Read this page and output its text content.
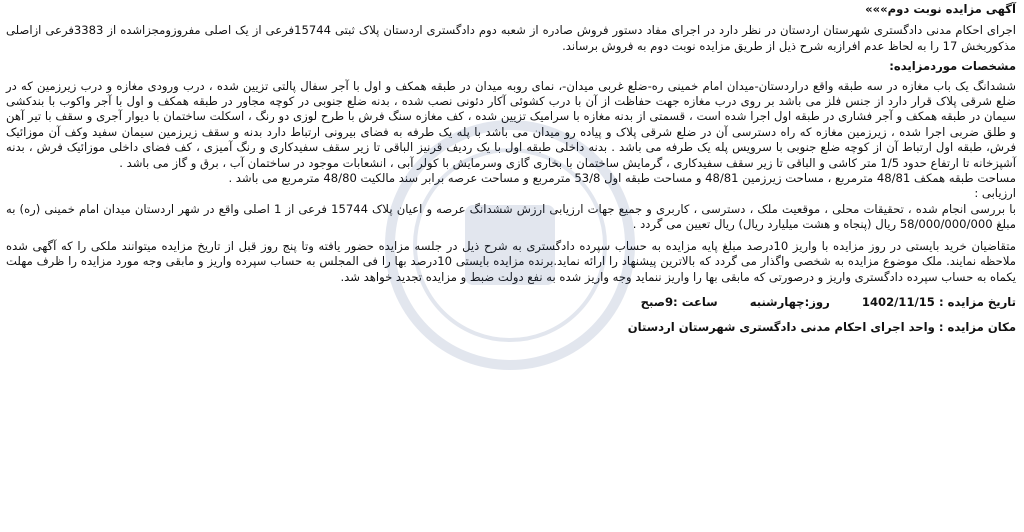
آگهی مزایده نوبت دوم»»»
اجرای احکام مدنی دادگستری شهرستان اردستان در نظر دارد در اجرای مفاد دستور فروش صادره از شعبه دوم دادگستری اردستان پلاک ثبتی 15744فرعی از یک اصلی مفروزومجزاشده از 3383فرعی ازاصلی مذکوربخش 17 را به لحاظ عدم افرازبه شرح ذیل از طریق مزایده نوبت دوم به فروش برساند.
مشخصات موردمزایده:
ششدانگ یک باب مغازه در سه طبقه واقع دراردستان-میدان امام خمینی ره-ضلع غربی میدان-، نمای روبه میدان در طبقه همکف و اول با آجر سفال پالتی تزیین شده ، درب ورودی مغازه و درب زیرزمین که در ضلع شرقی پلاک قرار دارد از جنس فلز می باشد بر روی درب مغازه جهت حفاظت از آن با درب کشوئی آکار دئونی نصب شده ، بدنه ضلع جنوبی در کوچه مجاور در طبقه همکف و اول با آجر واکوب با بندکشی سیمان در طبقه همکف و آجر فشاری در طبقه اول اجرا شده است ، قسمتی از بدنه مغازه با سرامیک تزیین شده ، کف مغازه سنگ فرش با طرح لوزی دو رنگ ، اسکلت ساختمان با دیوار آجری و سقف با تیر آهن و طلق ضربی اجرا شده ، زیرزمین مغازه که راه دسترسی آن در ضلع شرقی پلاک و پیاده رو میدان می باشد با پله یک طرفه به فضای بیرونی ارتباط دارد بدنه و سقف زیرزمین سیمان سفید وکف آن موزائیک فرش، طبقه اول ارتباط آن از کوچه ضلع جنوبی با سرویس پله یک طرفه می باشد . بدنه داخلی طبقه اول با یک ردیف قرنیز الباقی تا زیر سقف سفیدکاری و رنگ آمیزی ، کف فضای داخلی موزائیک فرش ، بدنه آشپزخانه تا ارتفاع حدود 1/5 متر کاشی و الباقی تا زیر سقف سفیدکاری ، گرمایش ساختمان با بخاری گازی وسرمایش با کولر آبی ، انشعابات موجود در ساختمان آب ، برق و گاز می باشد .
مساحت طبقه همکف 48/81 مترمربع ، مساحت زیرزمین 48/81 و مساحت طبقه اول 53/8 مترمربع و مساحت عرصه برابر سند مالکیت 48/80 مترمربع می باشد .
ارزیابی :
با بررسی انجام شده ، تحقیقات محلی ، موقعیت ملک ، دسترسی ، کاربری و جمیع جهات ارزیابی ارزش ششدانگ عرصه و اعیان پلاک 15744 فرعی از 1 اصلی واقع در شهر اردستان میدان امام خمینی (ره) به مبلغ 58/000/000/000 ریال (پنجاه و هشت میلیارد ریال) ریال تعیین می گردد .
متقاضیان خرید بایستی در روز مزایده با واریز 10درصد مبلغ پایه مزایده به حساب سپرده دادگستری به شرح ذیل در جلسه مزایده حضور یافته وتا پنج روز قبل از تاریخ مزایده میتوانند ملکی را که آگهی شده ملاحظه نمایند. ملک موضوع مزایده به شخصی واگذار می گردد که بالاترین پیشنهاد را ارائه نماید.برنده مزایده بایستی 10درصد بها را فی المجلس به حساب سپرده واریز و مابقی وجه مورد مزایده را ظرف مهلت یکماه به حساب سپرده دادگستری واریز و درصورتی که مابقی بها را واریز ننماید وجه واریز شده به نفع دولت ضبط و مزایده تجدید خواهد شد.
تاریخ مزایده : 1402/11/15 روز:چهارشنبه ساعت :9صبح
مکان مزایده : واحد اجرای احکام مدنی دادگستری شهرستان اردستان
